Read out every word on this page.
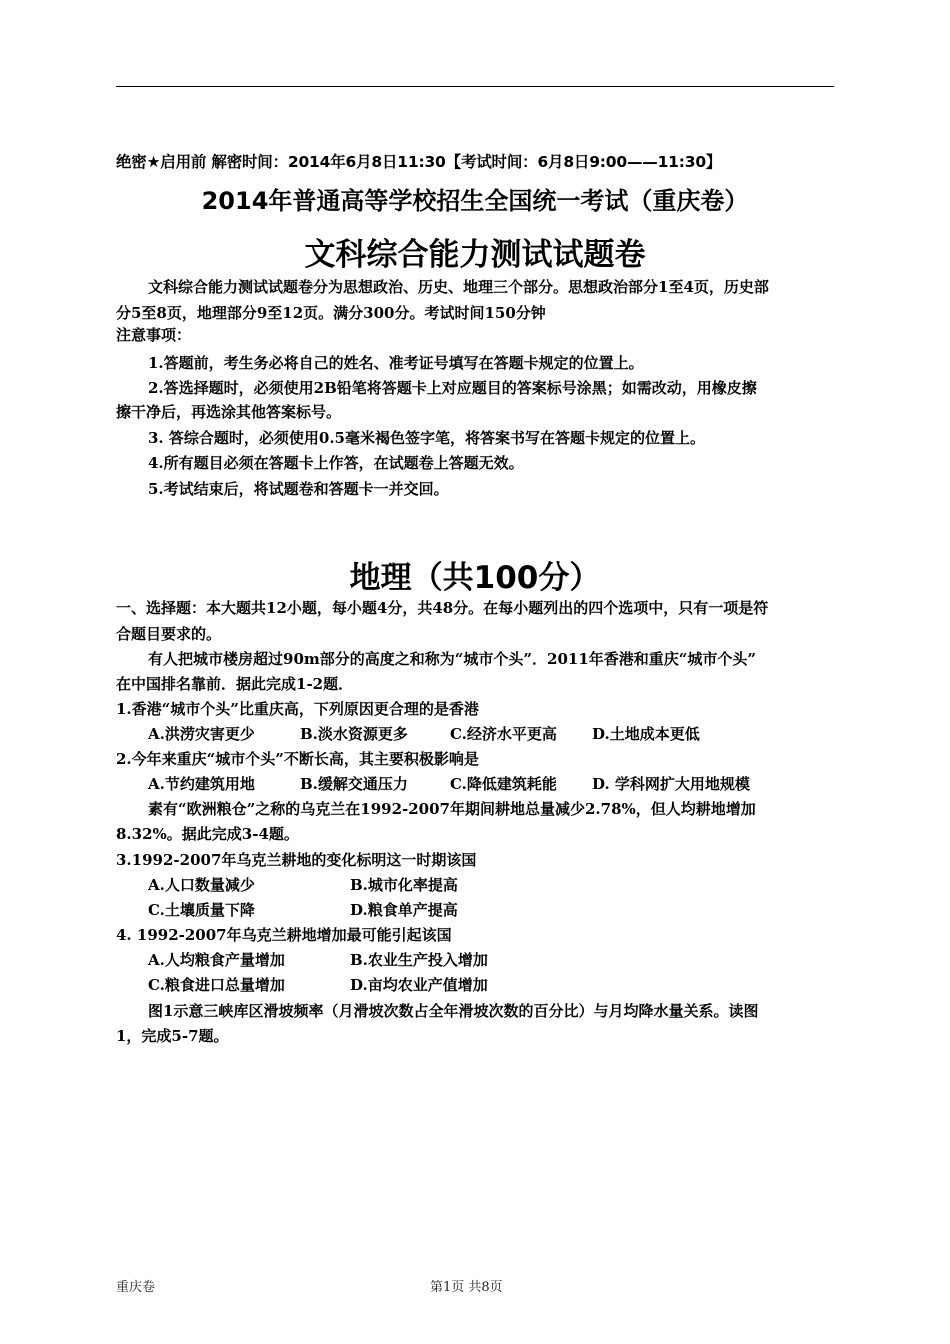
绝密★启用前 解密时间：2014年6月8日11:30【考试时间：6月8日9:00——11:30】
2014年普通高等学校招生全国统一考试（重庆卷）
文科综合能力测试试题卷
文科综合能力测试试题卷分为思想政治、历史、地理三个部分。思想政治部分1至4页，历史部
分5至8页，地理部分9至12页。满分300分。考试时间150分钟
注意事项：
1.答题前，考生务必将自己的姓名、准考证号填写在答题卡规定的位置上。
2.答选择题时，必须使用2B铅笔将答题卡上对应题目的答案标号涂黑；如需改动，用橡皮擦
擦干净后，再选涂其他答案标号。
3. 答综合题时，必须使用0.5毫米褐色签字笔，将答案书写在答题卡规定的位置上。
4.所有题目必须在答题卡上作答，在试题卷上答题无效。
5.考试结束后，将试题卷和答题卡一并交回。
地理（共100分）
一、选择题：本大题共12小题，每小题4分，共48分。在每小题列出的四个选项中，只有一项是符
合题目要求的。
有人把城市楼房超过90m部分的高度之和称为“城市个头”．2011年香港和重庆“城市个头”
在中国排名靠前．据此完成1-2题．
1.香港“城市个头”比重庆高，下列原因更合理的是香港
A.洪涝灾害更少	B.淡水资源更多	C.经济水平更高 D.土地成本更低
2.今年来重庆“城市个头”不断长高，其主要积极影响是
A.节约建筑用地	B.缓解交通压力	C.降低建筑耗能 D. 学科网扩大用地规模
素有“欧洲粮仓”之称的乌克兰在1992-2007年期间耕地总量减少2.78%，但人均耕地增加
8.32%。据此完成3-4题。
3.1992-2007年乌克兰耕地的变化标明这一时期该国
A.人口数量减少	B.城市化率提高
C.土壤质量下降	D.粮食单产提高
4. 1992-2007年乌克兰耕地增加最可能引起该国
A.人均粮食产量增加	B.农业生产投入增加
C.粮食进口总量增加	D.亩均农业产值增加
图1示意三峡库区滑坡频率（月滑坡次数占全年滑坡次数的百分比）与月均降水量关系。读图
1，完成5-7题。
重庆卷	第1页 共8页
